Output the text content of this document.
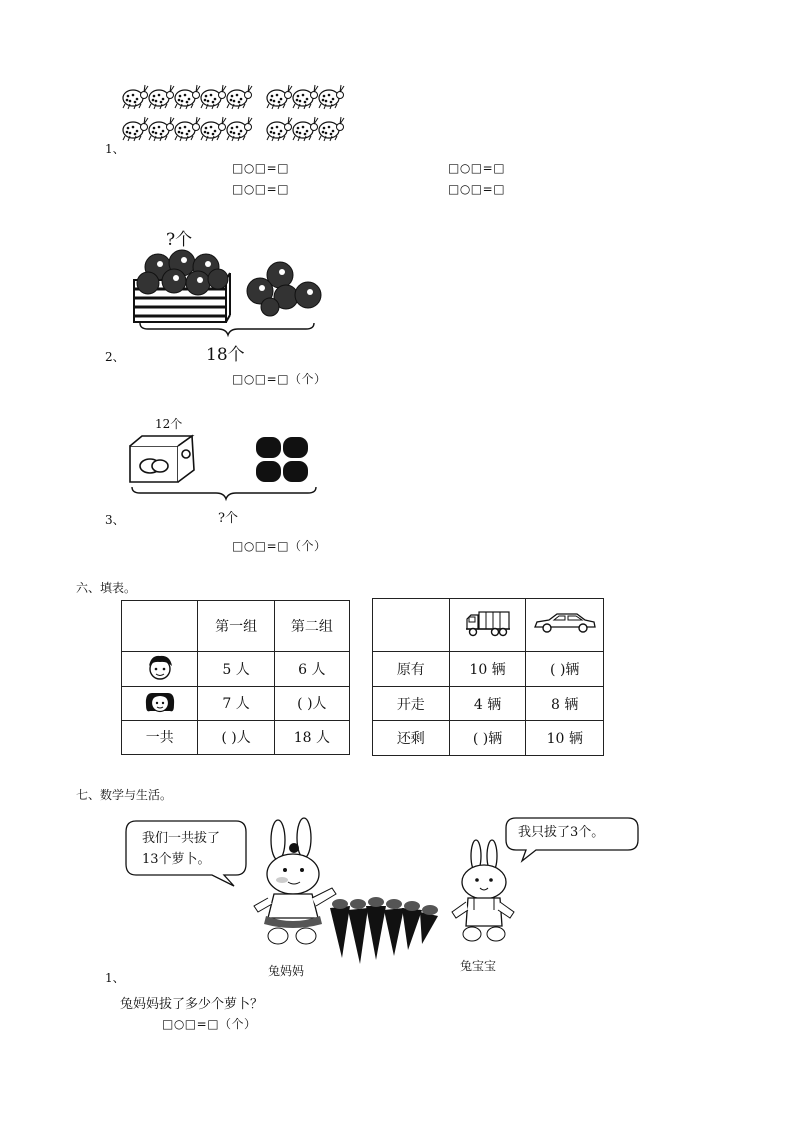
1、
□○□=□	□○□=□
□○□=□	□○□=□
?个
2、	18个
□○□=□（个）
12个
3、	?个
□○□=□（个）
六、填表。
	第一组	第二组
	5 人	6 人
	7 人	( )人
一共	( )人	18 人

原有	10 辆	( )辆
开走	4 辆	8 辆
还剩	( )辆	10 辆
七、数学与生活。
我们一共拔了
13个萝卜。
我只拔了3个。
兔妈妈	兔宝宝
1、
兔妈妈拔了多少个萝卜？
□○□=□（个）
